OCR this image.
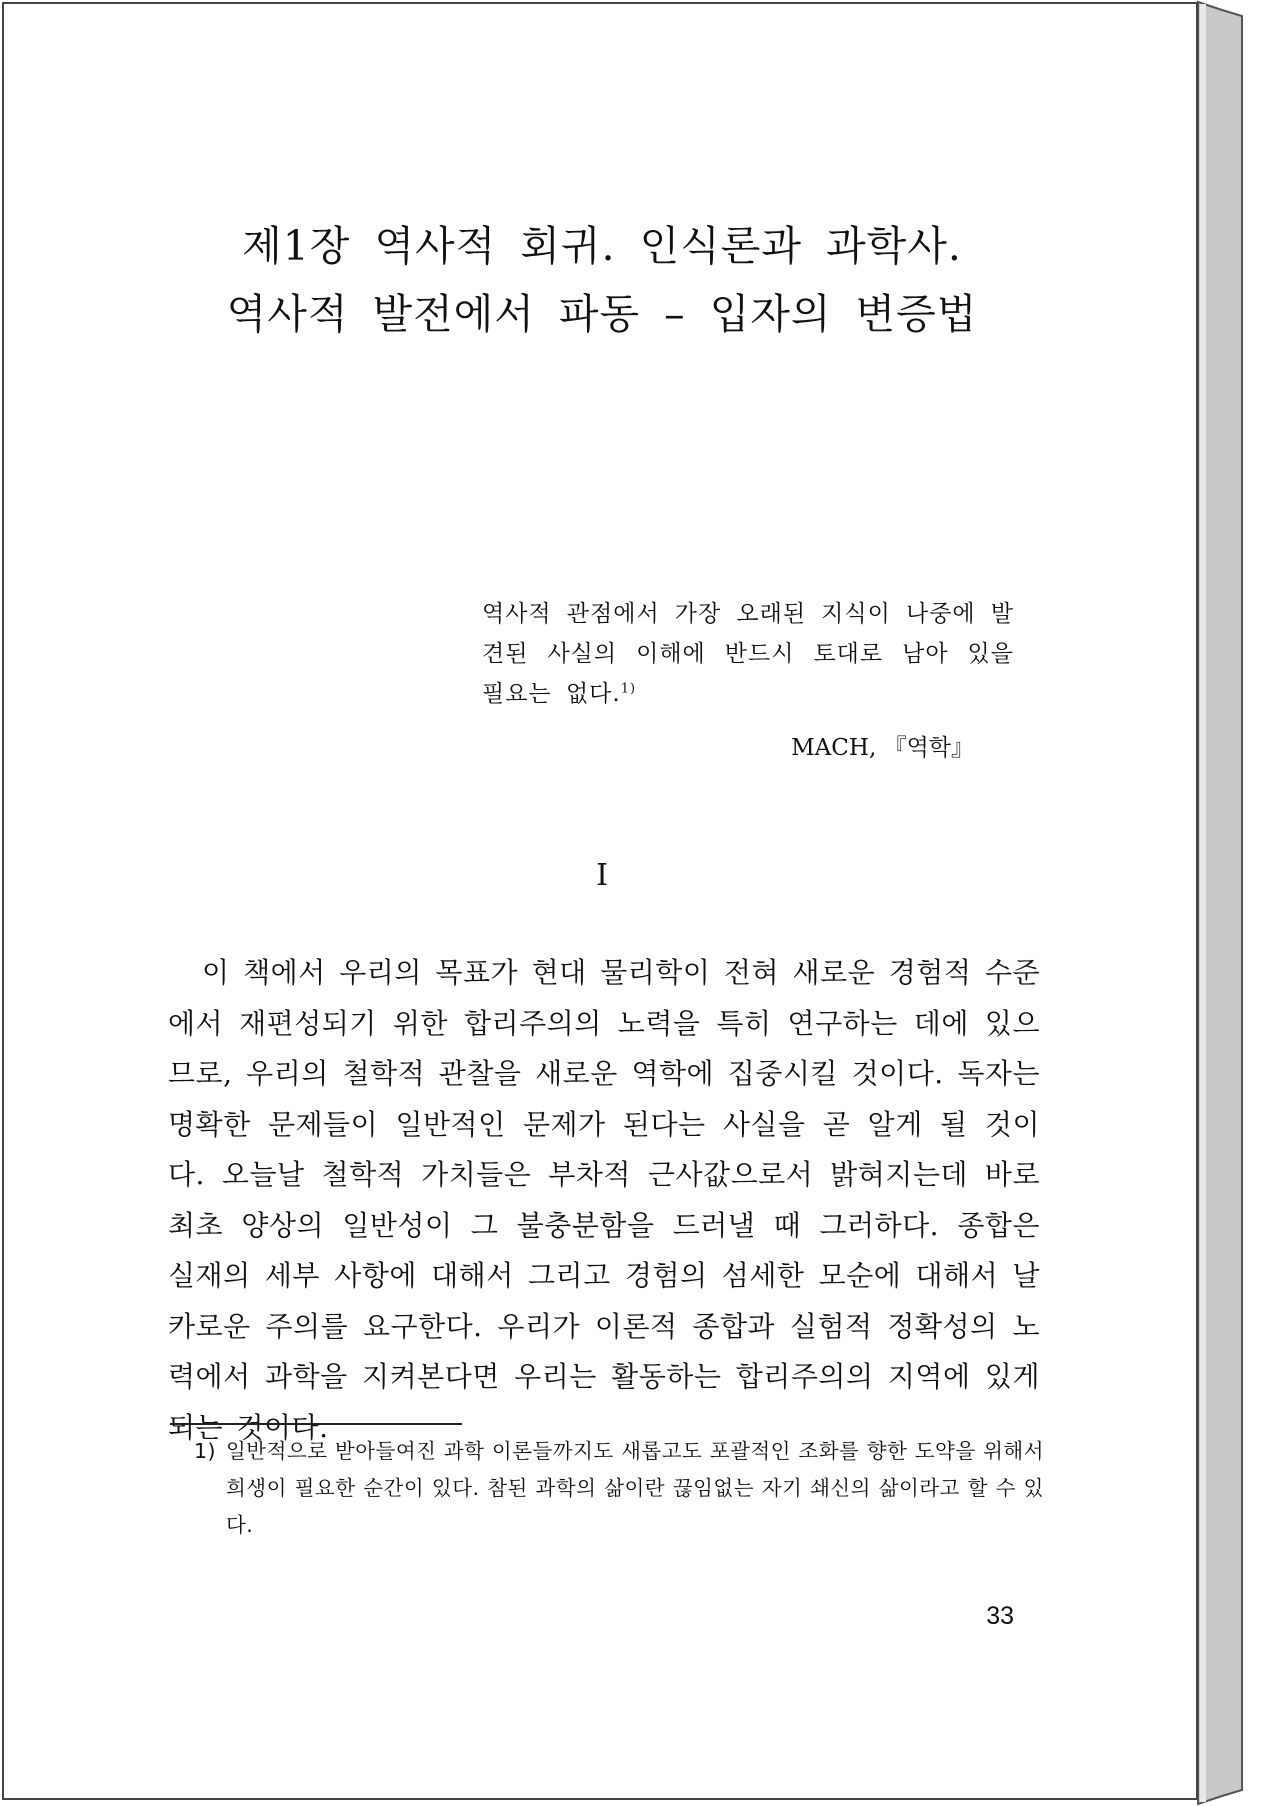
제1장 역사적 회귀. 인식론과 과학사.
역사적 발전에서 파동 – 입자의 변증법
역사적 관점에서 가장 오래된 지식이 나중에 발견된 사실의 이해에 반드시 토대로 남아 있을 필요는 없다.$^{1)}$
MACH, 『역학』
I

이 책에서 우리의 목표가 현대 물리학이 전혀 새로운 경험적 수준에서 재편성되기 위한 합리주의의 노력을 특히 연구하는 데에 있으므로, 우리의 철학적 관찰을 새로운 역학에 집중시킬 것이다. 독자는 명확한 문제들이 일반적인 문제가 된다는 사실을 곧 알게 될 것이다. 오늘날 철학적 가치들은 부차적 근사값으로서 밝혀지는데 바로 최초 양상의 일반성이 그 불충분함을 드러낼 때 그러하다. 종합은 실재의 세부 사항에 대해서 그리고 경험의 섬세한 모순에 대해서 날카로운 주의를 요구한다. 우리가 이론적 종합과 실험적 정확성의 노력에서 과학을 지켜본다면 우리는 활동하는 합리주의의 지역에 있게 되는 것이다.

1) 일반적으로 받아들여진 과학 이론들까지도 새롭고도 포괄적인 조화를 향한 도약을 위해서 희생이 필요한 순간이 있다. 참된 과학의 삶이란 끊임없는 자기 쇄신의 삶이라고 할 수 있다.

33
